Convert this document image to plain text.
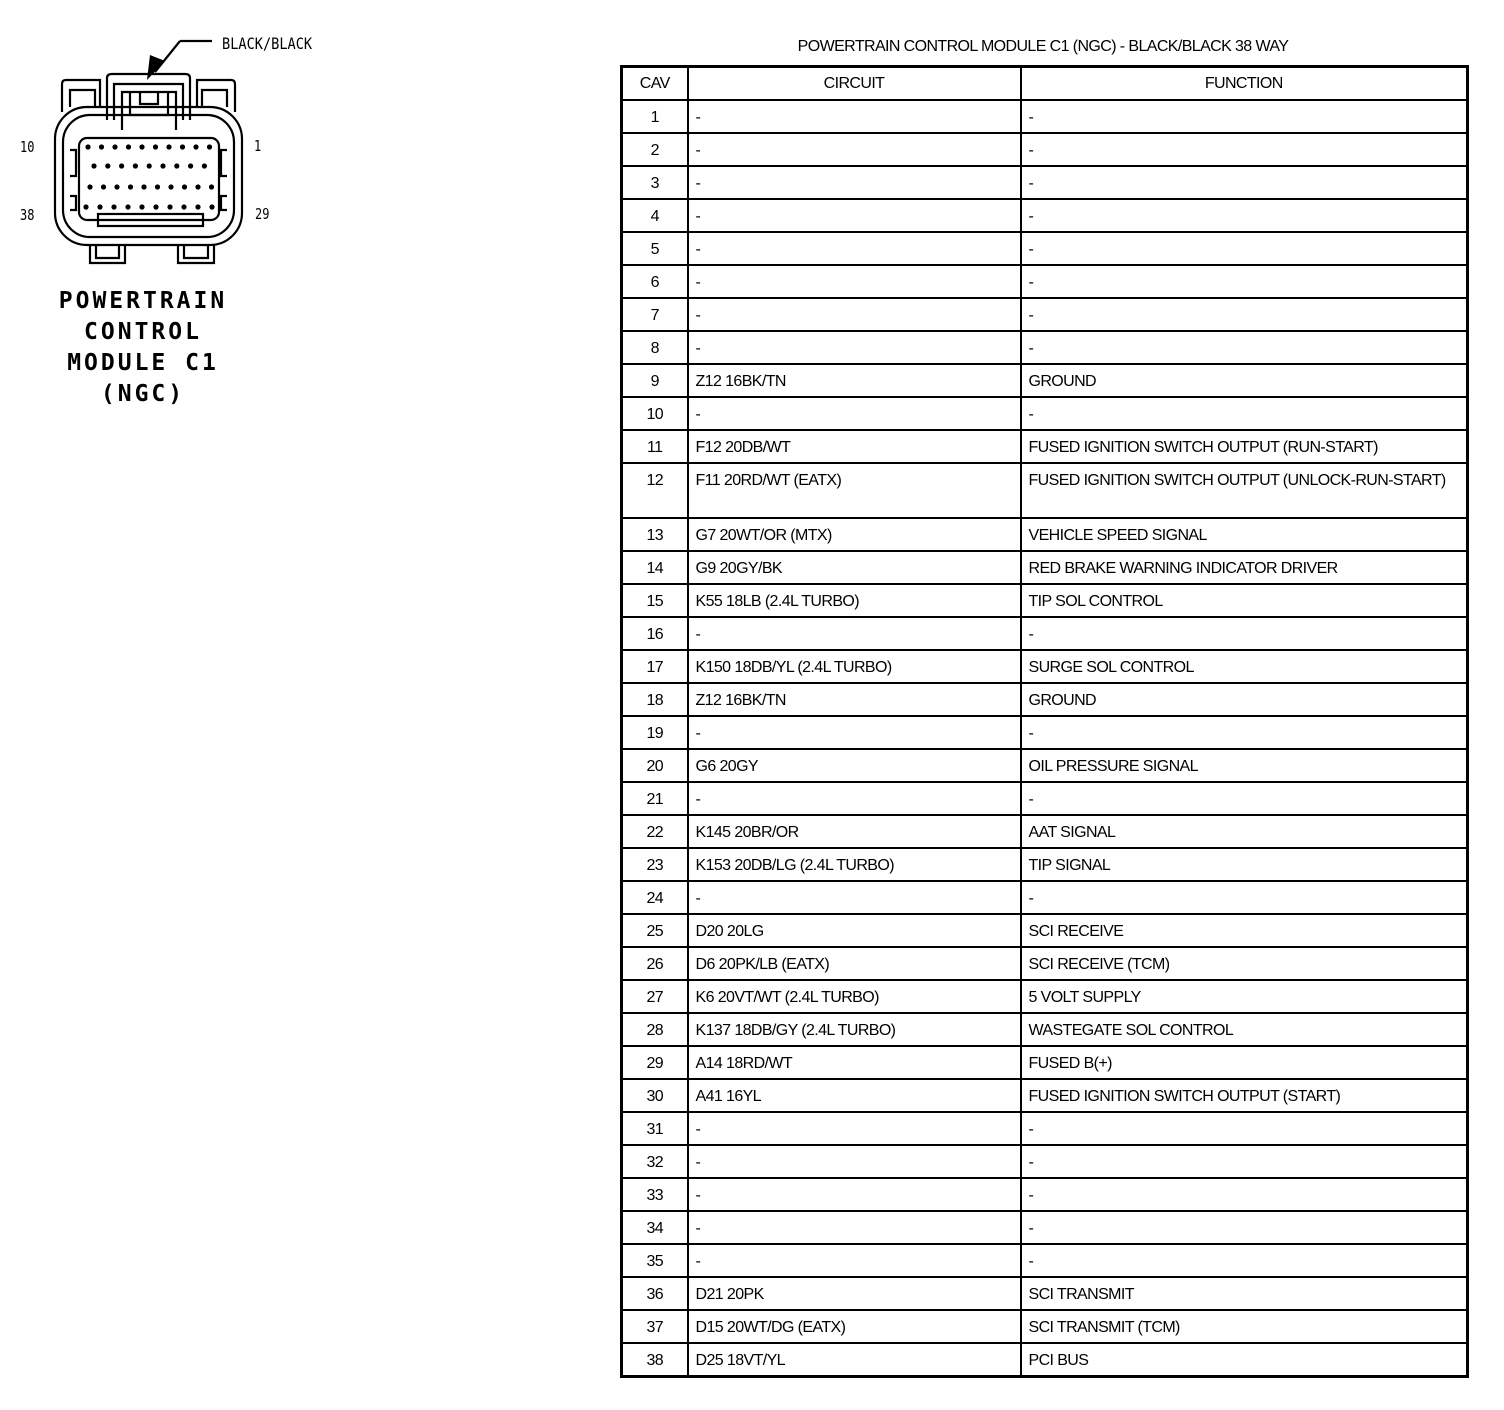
BLACK/BLACK
10	1
38	29
POWERTRAIN
CONTROL
MODULE C1
(NGC)
POWERTRAIN CONTROL MODULE C1 (NGC) - BLACK/BLACK 38 WAY
CAV	CIRCUIT	FUNCTION
1	-	-
2	-	-
3	-	-
4	-	-
5	-	-
6	-	-
7	-	-
8	-	-
9	Z12 16BK/TN	GROUND
10	-	-
11	F12 20DB/WT	FUSED IGNITION SWITCH OUTPUT (RUN-START)
12	F11 20RD/WT (EATX)	FUSED IGNITION SWITCH OUTPUT (UNLOCK-RUN-START)
13	G7 20WT/OR (MTX)	VEHICLE SPEED SIGNAL
14	G9 20GY/BK	RED BRAKE WARNING INDICATOR DRIVER
15	K55 18LB (2.4L TURBO)	TIP SOL CONTROL
16	-	-
17	K150 18DB/YL (2.4L TURBO)	SURGE SOL CONTROL
18	Z12 16BK/TN	GROUND
19	-	-
20	G6 20GY	OIL PRESSURE SIGNAL
21	-	-
22	K145 20BR/OR	AAT SIGNAL
23	K153 20DB/LG (2.4L TURBO)	TIP SIGNAL
24	-	-
25	D20 20LG	SCI RECEIVE
26	D6 20PK/LB (EATX)	SCI RECEIVE (TCM)
27	K6 20VT/WT (2.4L TURBO)	5 VOLT SUPPLY
28	K137 18DB/GY (2.4L TURBO)	WASTEGATE SOL CONTROL
29	A14 18RD/WT	FUSED B(+)
30	A41 16YL	FUSED IGNITION SWITCH OUTPUT (START)
31	-	-
32	-	-
33	-	-
34	-	-
35	-	-
36	D21 20PK	SCI TRANSMIT
37	D15 20WT/DG (EATX)	SCI TRANSMIT (TCM)
38	D25 18VT/YL	PCI BUS
